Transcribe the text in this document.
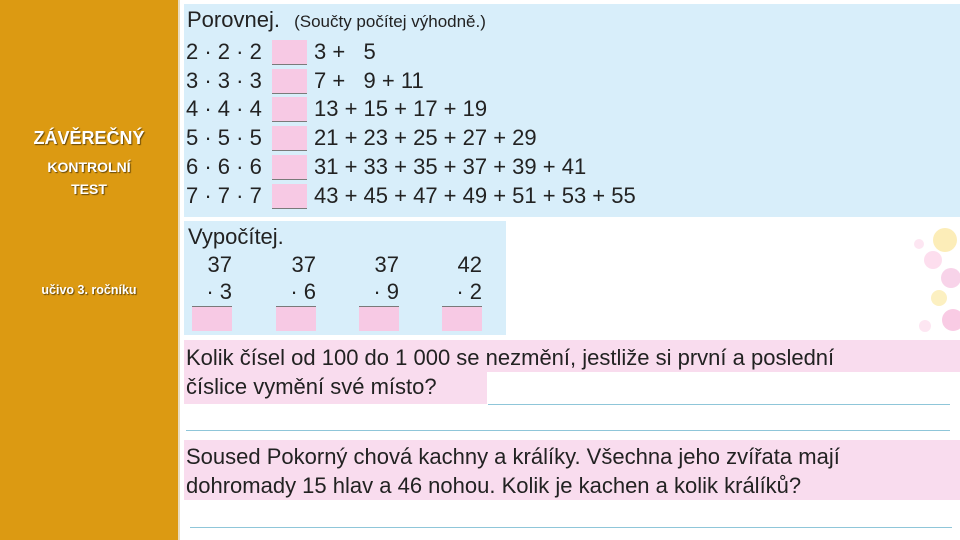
ZÁVĚREČNÝ
KONTROLNÍ
TEST
učivo 3. ročníku
Porovnej. (Součty počítej výhodně.)
2 · 2 · 2 3 +   5
3 · 3 · 3 7 +   9 + 11
4 · 4 · 4 13 + 15 + 17 + 19
5 · 5 · 5 21 + 23 + 25 + 27 + 29
6 · 6 · 6 31 + 33 + 35 + 37 + 39 + 41
7 · 7 · 7 43 + 45 + 47 + 49 + 51 + 53 + 55
Vypočítej.
37
· 3
37
· 6
37
· 9
42
· 2
Kolik čísel od 100 do 1 000 se nezmění, jestliže si první a poslední
číslice vymění své místo?
Soused Pokorný chová kachny a králíky. Všechna jeho zvířata mají
dohromady 15 hlav a 46 nohou. Kolik je kachen a kolik králíků?
